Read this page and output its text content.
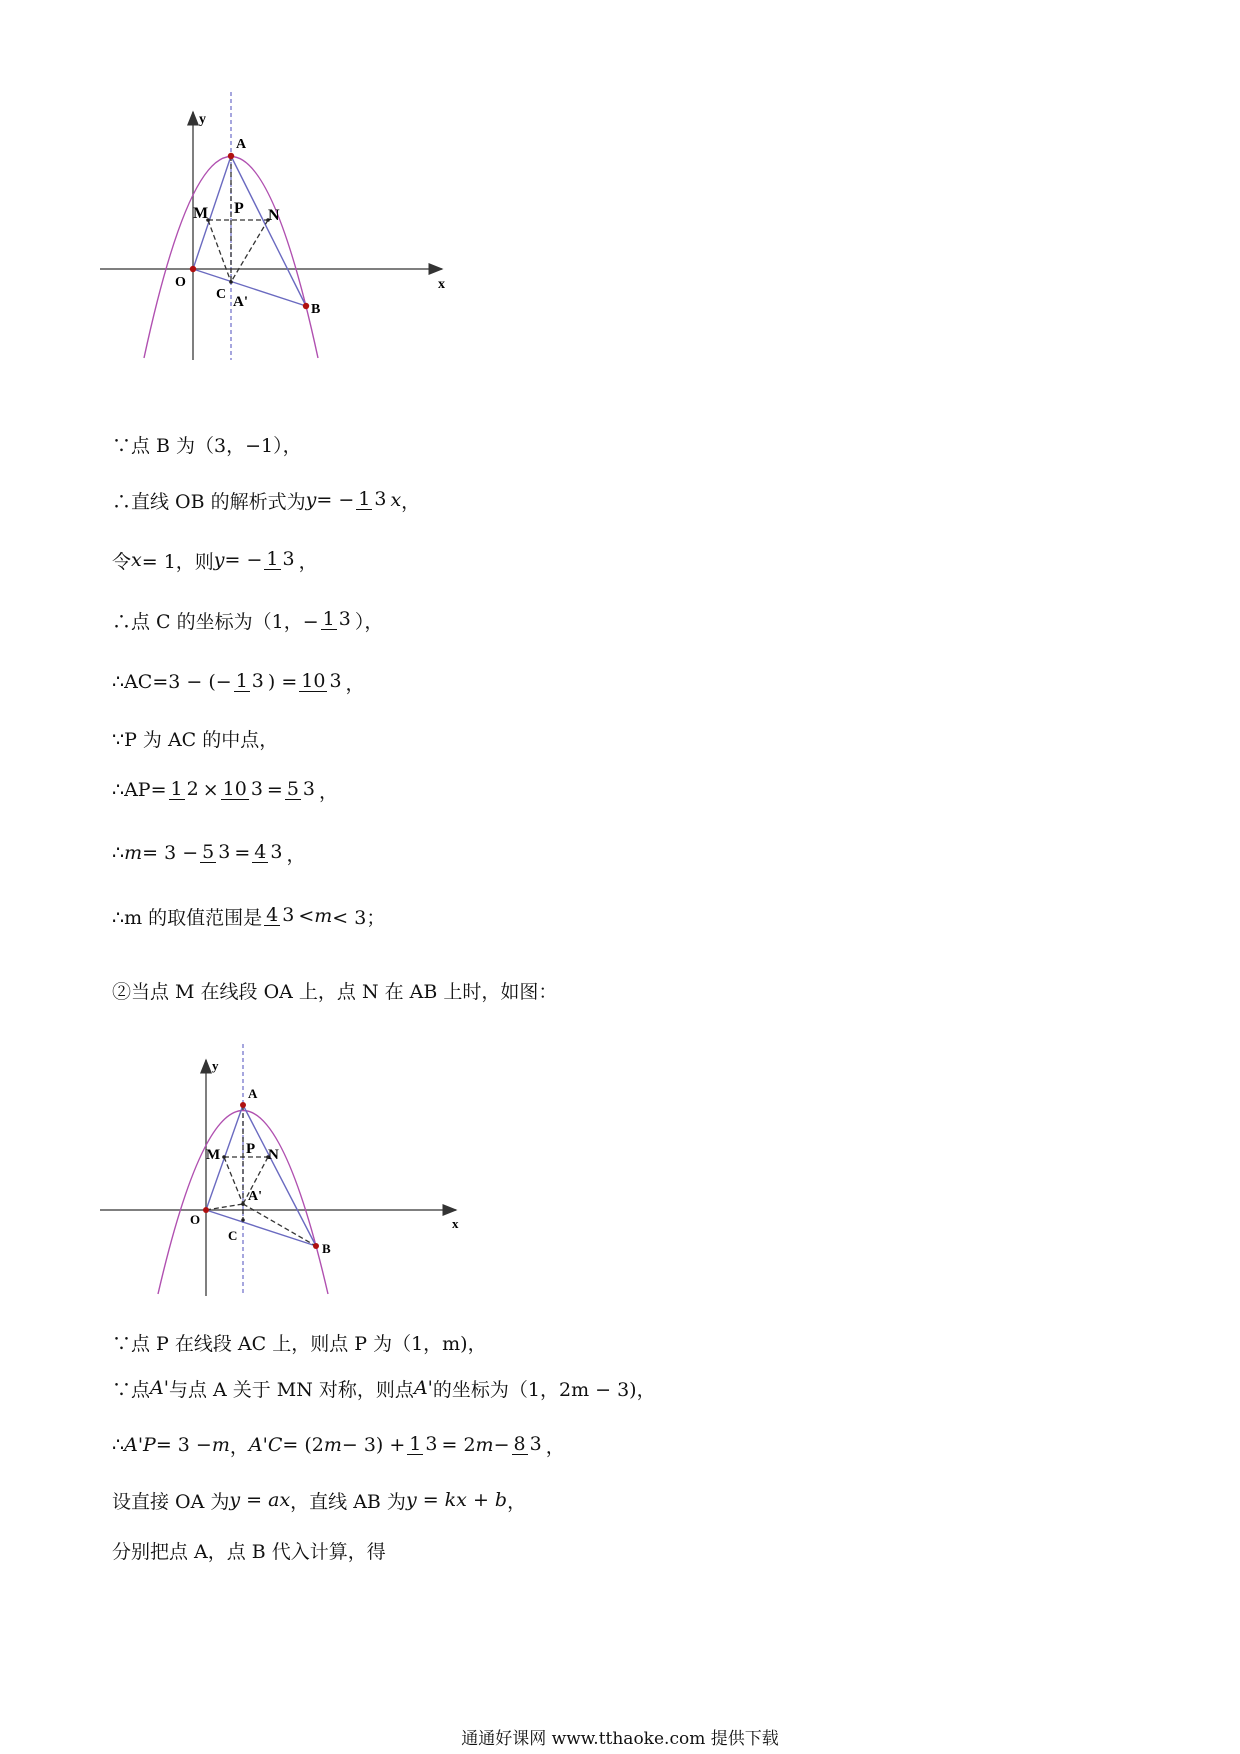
y
x
A
M P N
O
C A'	B
∵点 B 为（3，−1），
∴直线 OB 的解析式为 y = − 1 3 x ，
令 x = 1，则 y = − 1 3 ，
∴点 C 的坐标为（1，− 1 3 ），
∴AC=3 − (− 1 3 ) = 10 3 ，
∵P 为 AC 的中点，
∴AP= 1 2 × 10 3 = 5 3 ，
∴ m = 3 − 5 3 = 4 3 ，
∴m 的取值范围是 4 3 < m < 3；
②当点 M 在线段 OA 上，点 N 在 AB 上时，如图：
y
x
A
M P N
O
C
A'
B
∵点 P 在线段 AC 上，则点 P 为（1，m)，
∵点 A' 与点 A 关于 MN 对称，则点 A' 的坐标为（1，2m − 3)，
∴ A'P = 3 − m ， A'C = (2 m − 3) + 1 3 = 2 m − 8 3 ，
设直接 OA 为 y = ax ，直线 AB 为 y = kx + b ，
分别把点 A，点 B 代入计算，得
通通好课网 www.tthaoke.com 提供下载
